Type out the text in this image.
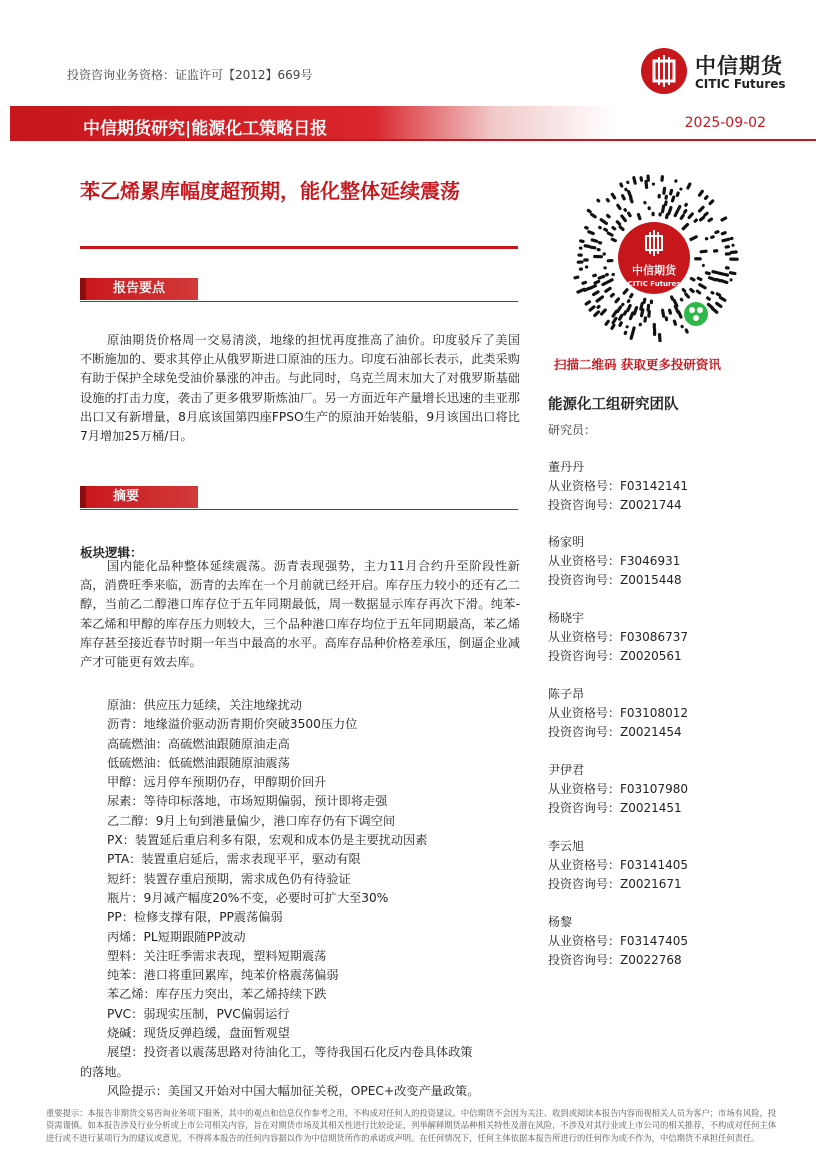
投资咨询业务资格：证监许可【2012】669号	中信期货
CITIC Futures
中信期货研究|能源化工策略日报	2025-09-02
苯乙烯累库幅度超预期，能化整体延续震荡
报告要点
原油期货价格周一交易清淡，地缘的担忧再度推高了油价。印度驳斥了美国不断施加的、要求其停止从俄罗斯进口原油的压力。印度石油部长表示，此类采购有助于保护全球免受油价暴涨的冲击。与此同时，乌克兰周末加大了对俄罗斯基础设施的打击力度，袭击了更多俄罗斯炼油厂。另一方面近年产量增长迅速的圭亚那出口又有新增量，8月底该国第四座FPSO生产的原油开始装船，9月该国出口将比7月增加25万桶/日。
摘要
板块逻辑：
国内能化品种整体延续震荡。沥青表现强势，主力11月合约升至阶段性新高，消费旺季来临，沥青的去库在一个月前就已经开启。库存压力较小的还有乙二醇，当前乙二醇港口库存位于五年同期最低，周一数据显示库存再次下滑。纯苯-苯乙烯和甲醇的库存压力则较大，三个品种港口库存均位于五年同期最高，苯乙烯库存甚至接近春节时期一年当中最高的水平。高库存品种价格差承压，倒逼企业减产才可能更有效去库。
原油：供应压力延续，关注地缘扰动
沥青：地缘溢价驱动沥青期价突破3500压力位
高硫燃油：高硫燃油跟随原油走高
低硫燃油：低硫燃油跟随原油震荡
甲醇：远月停车预期仍存，甲醇期价回升
尿素：等待印标落地，市场短期偏弱，预计即将走强
乙二醇：9月上旬到港量偏少，港口库存仍有下调空间
PX：装置延后重启利多有限，宏观和成本仍是主要扰动因素
PTA：装置重启延后，需求表现平平，驱动有限
短纤：装置存重启预期，需求成色仍有待验证
瓶片：9月减产幅度20%不变，必要时可扩大至30%
PP：检修支撑有限，PP震荡偏弱
丙烯：PL短期跟随PP波动
塑料：关注旺季需求表现，塑料短期震荡
纯苯：港口将重回累库，纯苯价格震荡偏弱
苯乙烯：库存压力突出，苯乙烯持续下跌
PVC：弱现实压制，PVC偏弱运行
烧碱：现货反弹趋缓，盘面暂观望
展望：投资者以震荡思路对待油化工，等待我国石化反内卷具体政策
的落地。
风险提示：美国又开始对中国大幅加征关税，OPEC+改变产量政策。
中信期货
CITIC Futures
扫描二维码 获取更多投研资讯
能源化工组研究团队
研究员：
董丹丹
从业资格号：F03142141
投资咨询号：Z0021744
杨家明
从业资格号：F3046931
投资咨询号：Z0015448
杨晓宇
从业资格号：F03086737
投资咨询号：Z0020561
陈子昂
从业资格号：F03108012
投资咨询号：Z0021454
尹伊君
从业资格号：F03107980
投资咨询号：Z0021451
李云旭
从业资格号：F03141405
投资咨询号：Z0021671
杨黎
从业资格号：F03147405
投资咨询号：Z0022768
重要提示：本报告非期货交易咨询业务项下服务，其中的观点和信息仅作参考之用，不构成对任何人的投资建议。中信期货不会因为关注、收到或阅读本报告内容而视相关人员为客户；市场有风险，投资需谨慎。如本报告涉及行业分析或上市公司相关内容，旨在对期货市场及其相关性进行比较论证，列举解释期货品种相关特性及潜在风险，不涉及对其行业或上市公司的相关推荐，不构成对任何主体进行或不进行某项行为的建议或意见，不得将本报告的任何内容据以作为中信期货所作的承诺或声明。在任何情况下，任何主体依据本报告所进行的任何作为或不作为，中信期货不承担任何责任。
